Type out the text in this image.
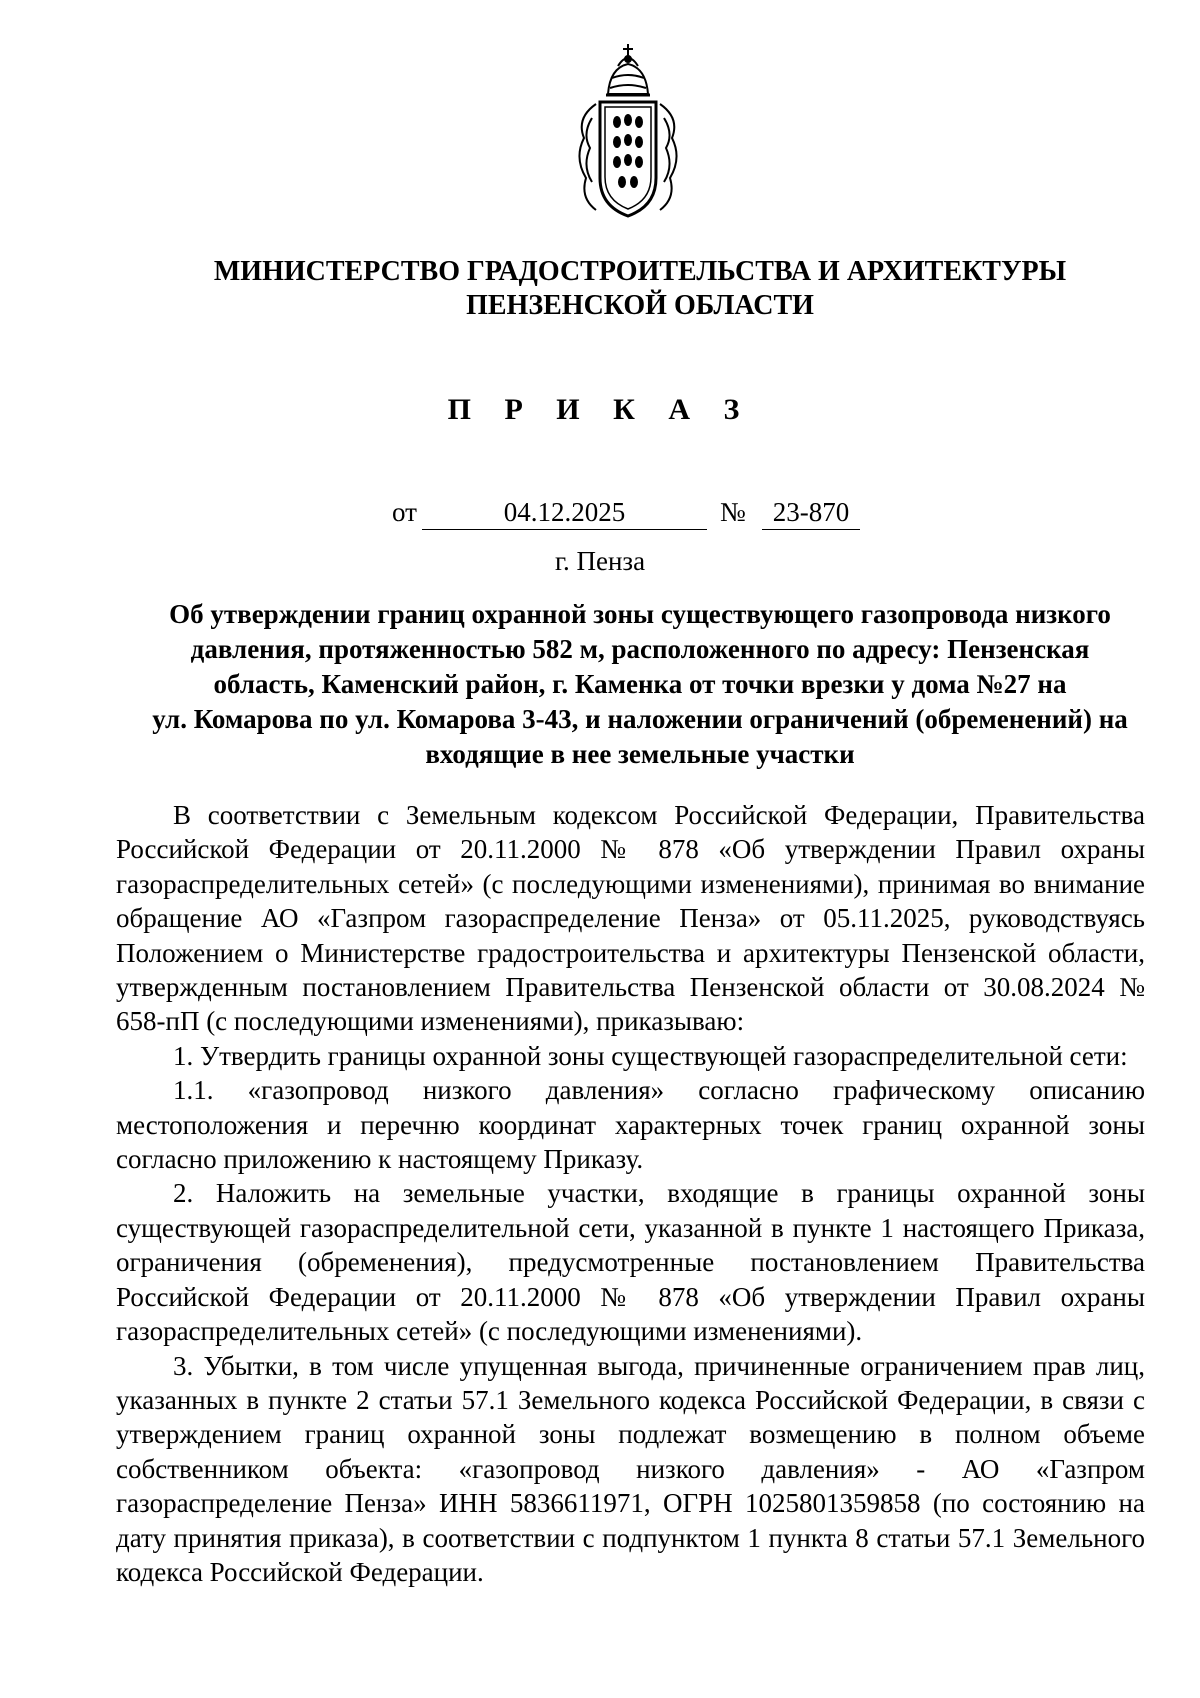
МИНИСТЕРСТВО ГРАДОСТРОИТЕЛЬСТВА И АРХИТЕКТУРЫ
ПЕНЗЕНСКОЙ ОБЛАСТИ
П Р И К А З
от	04.12.2025	№ 23-870
г. Пенза
Об утверждении границ охранной зоны существующего газопровода низкого
давления, протяженностью 582 м, расположенного по адресу: Пензенская
область, Каменский район, г. Каменка от точки врезки у дома №27 на
ул. Комарова по ул. Комарова 3-43, и наложении ограничений (обременений) на
входящие в нее земельные участки

В соответствии с Земельным кодексом Российской Федерации, Правительства Российской Федерации от 20.11.2000 № 878 «Об утверждении Правил охраны газораспределительных сетей» (с последующими изменениями), принимая во внимание обращение АО «Газпром газораспределение Пенза» от 05.11.2025, руководствуясь Положением о Министерстве градостроительства и архитектуры Пензенской области, утвержденным постановлением Правительства Пензенской области от 30.08.2024 № 658-пП (с последующими изменениями), приказываю:

1. Утвердить границы охранной зоны существующей газораспределительной сети:

1.1. «газопровод низкого давления» согласно графическому описанию местоположения и перечню координат характерных точек границ охранной зоны согласно приложению к настоящему Приказу.

2. Наложить на земельные участки, входящие в границы охранной зоны существующей газораспределительной сети, указанной в пункте 1 настоящего Приказа, ограничения (обременения), предусмотренные постановлением Правительства Российской Федерации от 20.11.2000 № 878 «Об утверждении Правил охраны газораспределительных сетей» (с последующими изменениями).

3. Убытки, в том числе упущенная выгода, причиненные ограничением прав лиц, указанных в пункте 2 статьи 57.1 Земельного кодекса Российской Федерации, в связи с утверждением границ охранной зоны подлежат возмещению в полном объеме собственником объекта: «газопровод низкого давления» - АО «Газпром газораспределение Пенза» ИНН 5836611971, ОГРН 1025801359858 (по состоянию на дату принятия приказа), в соответствии с подпунктом 1 пункта 8 статьи 57.1 Земельного кодекса Российской Федерации.
